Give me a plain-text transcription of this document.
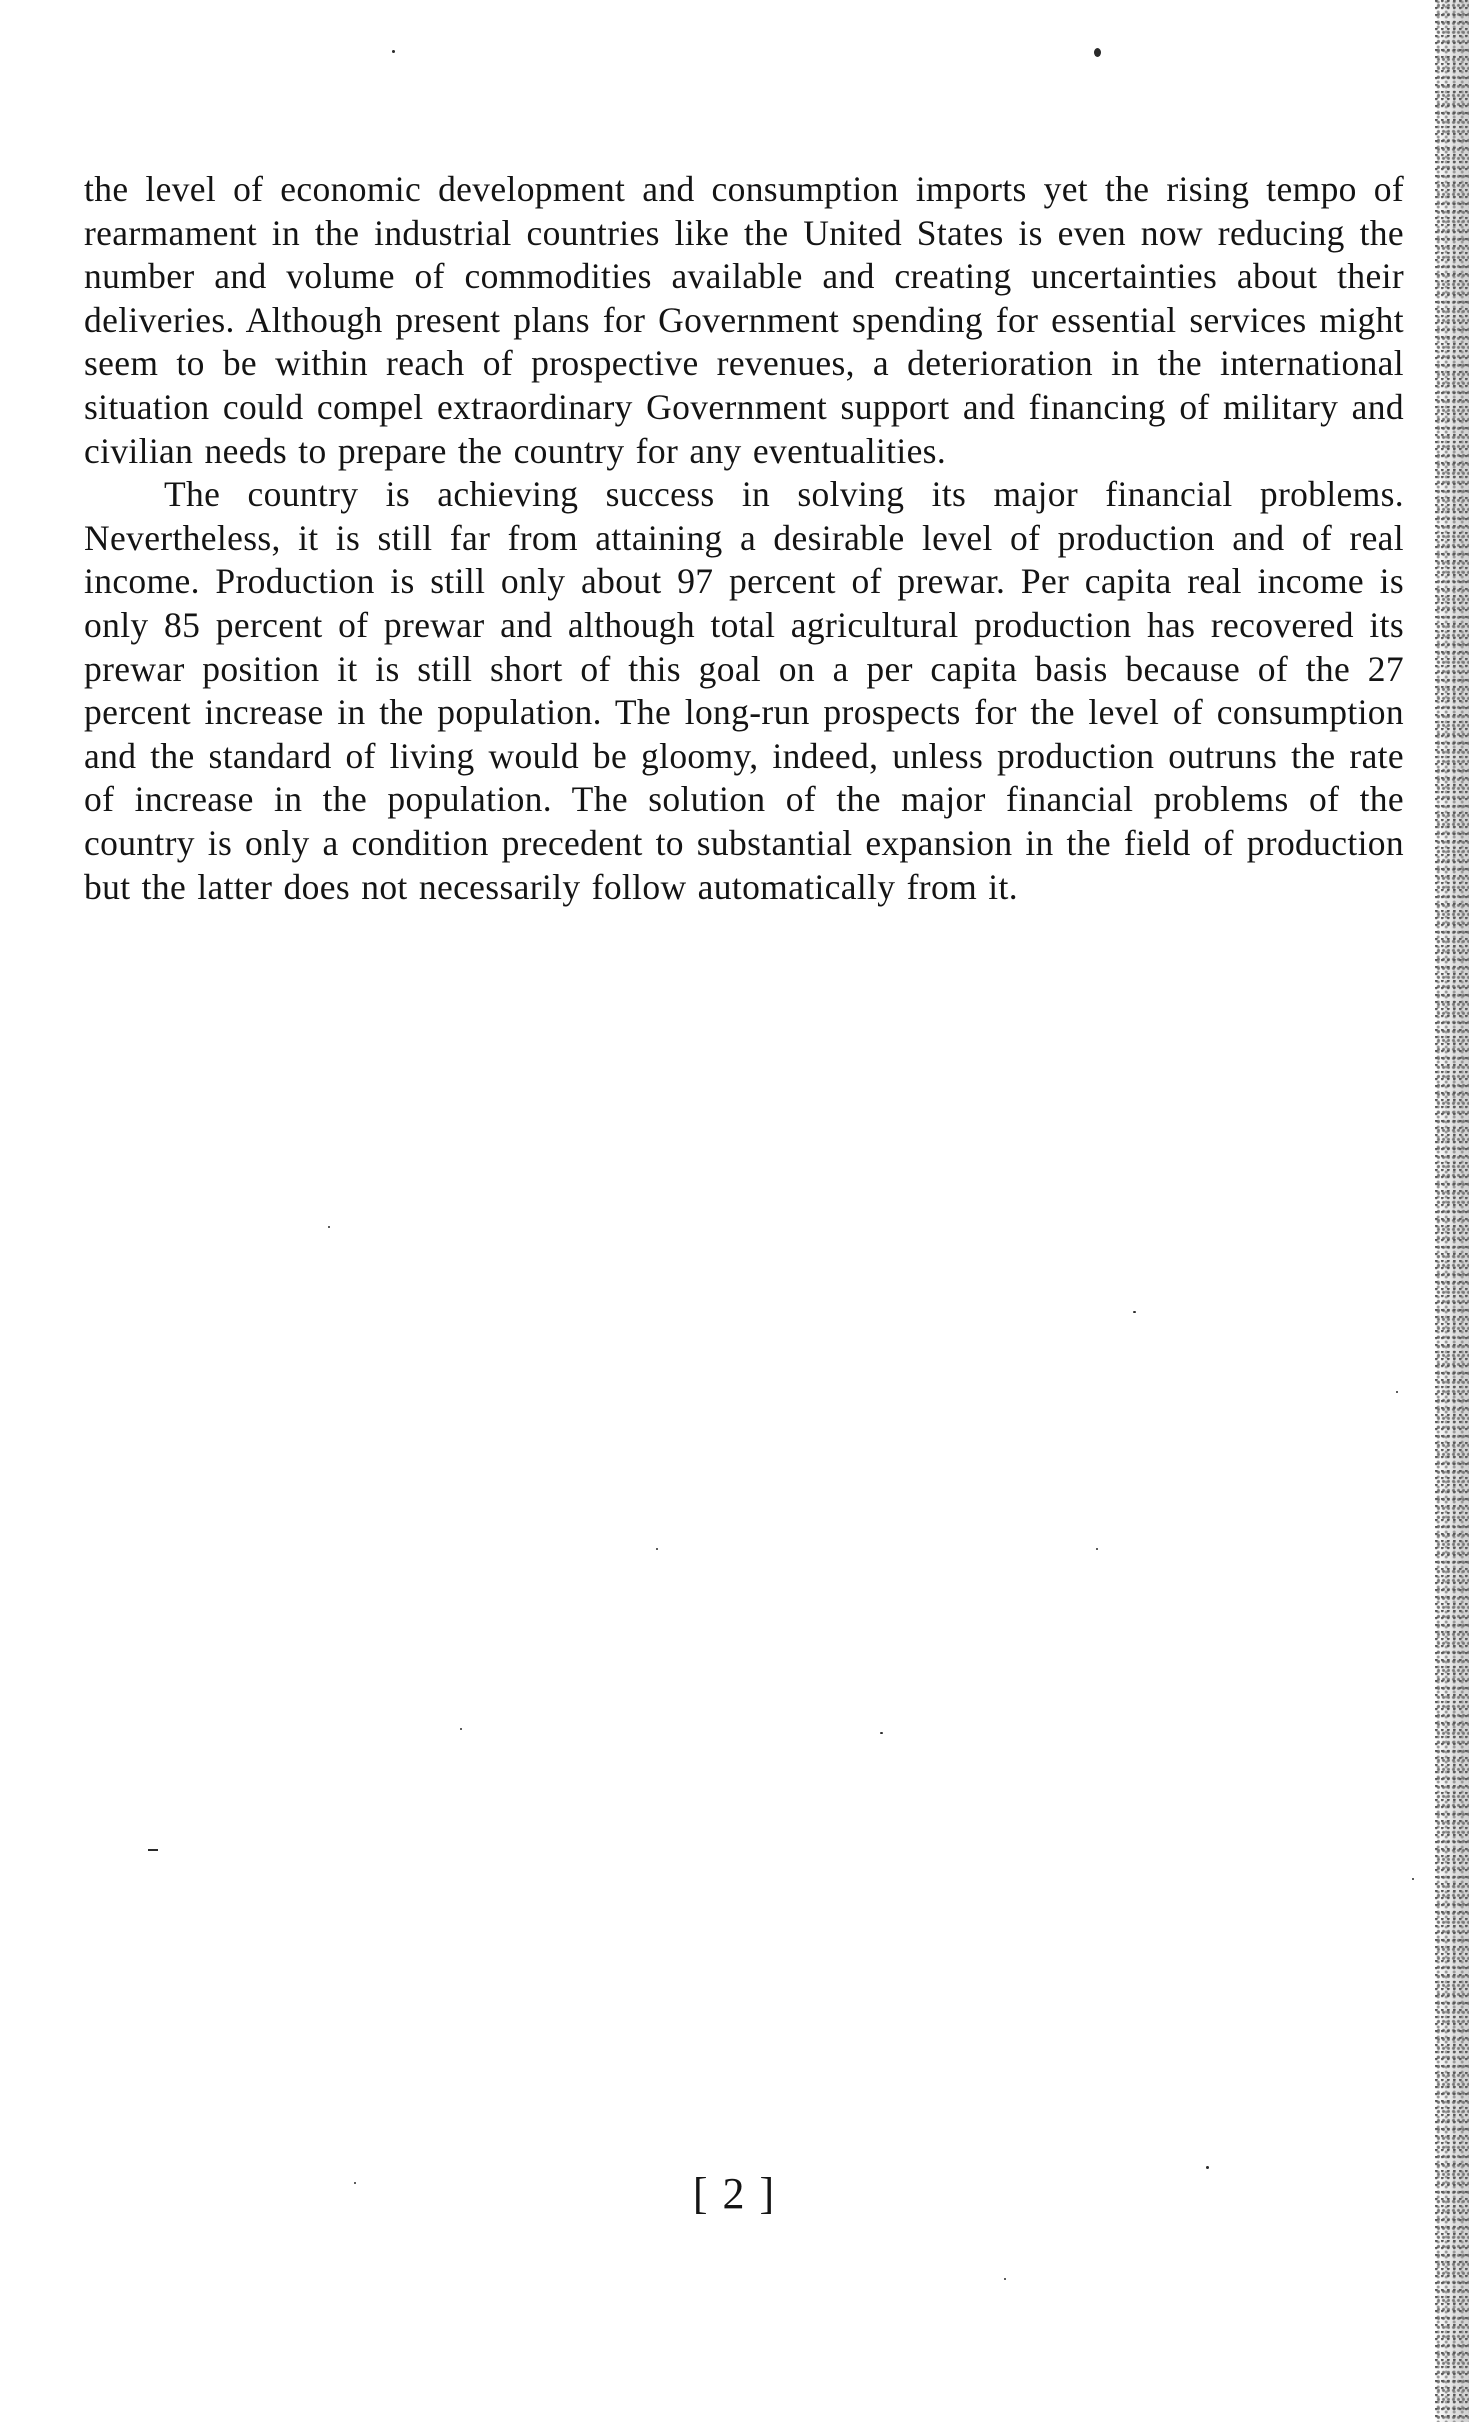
the level of economic development and consumption imports yet the rising tempo of rearmament in the industrial countries like the United States is even now reducing the number and volume of commodities available and creating uncertainties about their deliveries. Although present plans for Government spending for essential services might seem to be within reach of prospective revenues, a deterioration in the international situation could compel extraordinary Government support and financing of military and civilian needs to prepare the country for any eventualities.

The country is achieving success in solving its major financial problems. Nevertheless, it is still far from attaining a desirable level of production and of real income. Production is still only about 97 percent of prewar. Per capita real income is only 85 percent of prewar and although total agricultural production has recovered its prewar position it is still short of this goal on a per capita basis because of the 27 percent increase in the population. The long-run prospects for the level of consumption and the standard of living would be gloomy, indeed, unless production outruns the rate of increase in the population. The solution of the major financial problems of the country is only a condition precedent to substantial expansion in the field of production but the latter does not necessarily follow automatically from it.

[ 2 ]
